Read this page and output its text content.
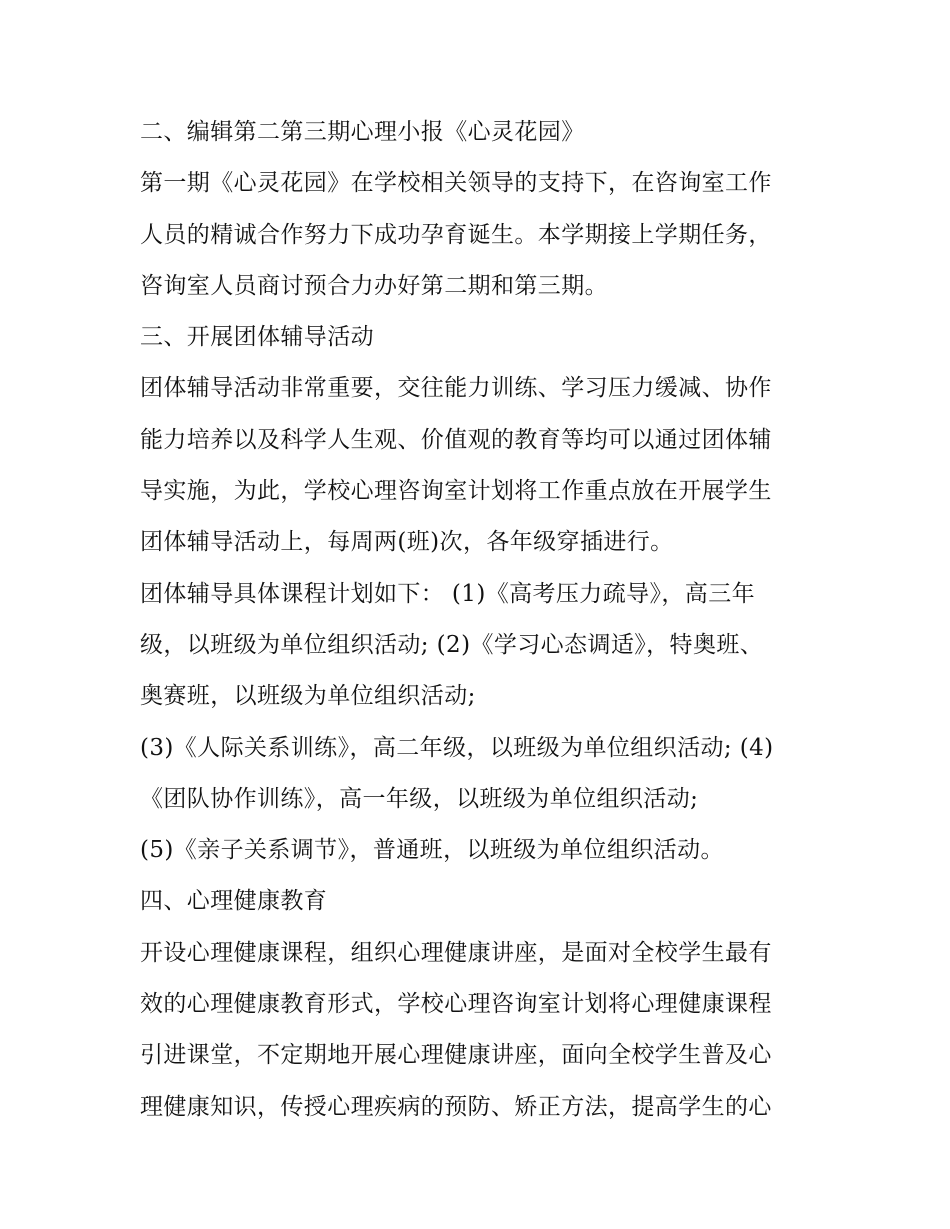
二、编辑第二第三期心理小报《心灵花园》
第一期《心灵花园》在学校相关领导的支持下，在咨询室工作
人员的精诚合作努力下成功孕育诞生。本学期接上学期任务，
咨询室人员商讨预合力办好第二期和第三期。
三、开展团体辅导活动
团体辅导活动非常重要，交往能力训练、学习压力缓减、协作
能力培养以及科学人生观、价值观的教育等均可以通过团体辅
导实施，为此，学校心理咨询室计划将工作重点放在开展学生
团体辅导活动上，每周两(班)次，各年级穿插进行。
团体辅导具体课程计划如下： (1)《高考压力疏导》，高三年
级，以班级为单位组织活动; (2)《学习心态调适》，特奥班、
奥赛班，以班级为单位组织活动;
(3)《人际关系训练》，高二年级，以班级为单位组织活动; (4)
《团队协作训练》，高一年级，以班级为单位组织活动;
(5)《亲子关系调节》，普通班，以班级为单位组织活动。
四、心理健康教育
开设心理健康课程，组织心理健康讲座，是面对全校学生最有
效的心理健康教育形式，学校心理咨询室计划将心理健康课程
引进课堂，不定期地开展心理健康讲座，面向全校学生普及心
理健康知识，传授心理疾病的预防、矫正方法，提高学生的心
